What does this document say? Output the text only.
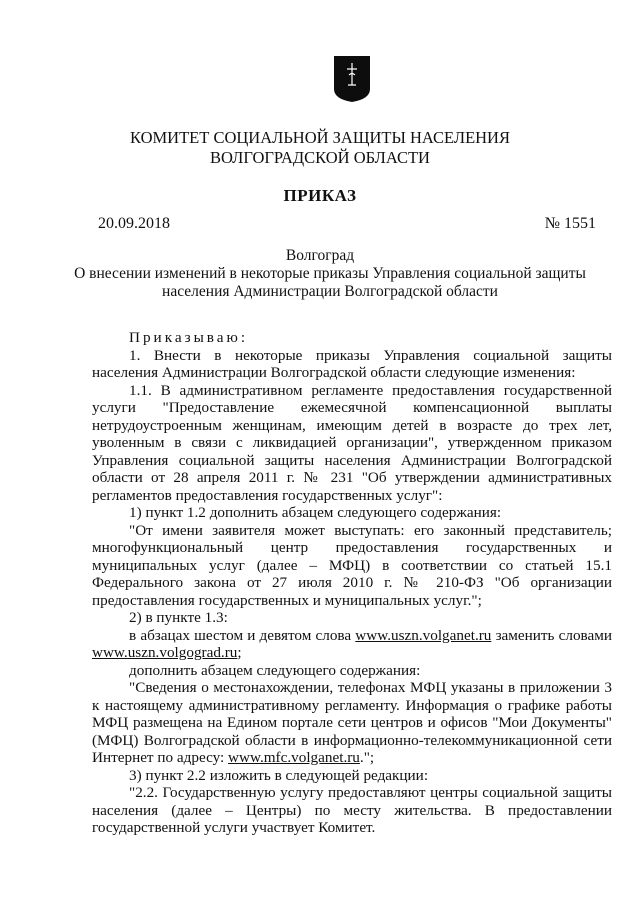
КОМИТЕТ СОЦИАЛЬНОЙ ЗАЩИТЫ НАСЕЛЕНИЯ
ВОЛГОГРАДСКОЙ ОБЛАСТИ
ПРИКАЗ
20.09.2018	№ 1551
Волгоград
О внесении изменений в некоторые приказы Управления социальной защиты населения Администрации Волгоградской области

Приказываю:

1. Внести в некоторые приказы Управления социальной защиты населения Администрации Волгоградской области следующие изменения:

1.1. В административном регламенте предоставления государственной услуги "Предоставление ежемесячной компенсационной выплаты нетрудоустроенным женщинам, имеющим детей в возрасте до трех лет, уволенным в связи с ликвидацией организации", утвержденном приказом Управления социальной защиты населения Администрации Волгоградской области от 28 апреля 2011 г. № 231 "Об утверждении административных регламентов предоставления государственных услуг":

1) пункт 1.2 дополнить абзацем следующего содержания:

"От имени заявителя может выступать: его законный представитель; многофункциональный центр предоставления государственных и муниципальных услуг (далее – МФЦ) в соответствии со статьей 15.1 Федерального закона от 27 июля 2010 г. № 210-ФЗ "Об организации предоставления государственных и муниципальных услуг.";

2) в пункте 1.3:

в абзацах шестом и девятом слова www.uszn.volganet.ru заменить словами www.uszn.volgograd.ru;

дополнить абзацем следующего содержания:

"Сведения о местонахождении, телефонах МФЦ указаны в приложении 3 к настоящему административному регламенту. Информация о графике работы МФЦ размещена на Едином портале сети центров и офисов "Мои Документы" (МФЦ) Волгоградской области в информационно-телекоммуникационной сети Интернет по адресу: www.mfc.volganet.ru.";

3) пункт 2.2 изложить в следующей редакции:

"2.2. Государственную услугу предоставляют центры социальной защиты населения (далее – Центры) по месту жительства. В предоставлении государственной услуги участвует Комитет.
